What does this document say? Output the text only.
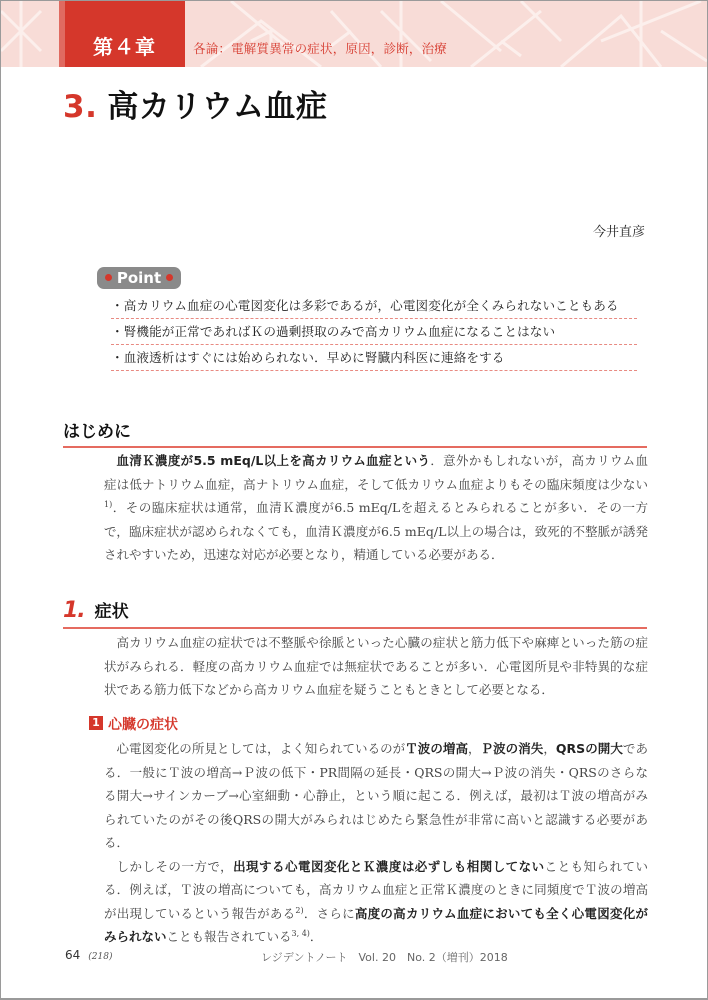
第４章	各論：電解質異常の症状，原因，診断，治療
3. 高カリウム血症
今井直彦
Point
・高カリウム血症の心電図変化は多彩であるが，心電図変化が全くみられないこともある
・腎機能が正常であればＫの過剰摂取のみで高カリウム血症になることはない
・血液透析はすぐには始められない．早めに腎臓内科医に連絡をする
はじめに

血清Ｋ濃度が5.5 mEq/L以上を高カリウム血症という．意外かもしれないが，高カリウム血症は低ナトリウム血症，高ナトリウム血症，そして低カリウム血症よりもその臨床頻度は少ない$^{1)}$．その臨床症状は通常，血清Ｋ濃度が6.5 mEq/Lを超えるとみられることが多い．その一方で，臨床症状が認められなくても，血清Ｋ濃度が6.5 mEq/L以上の場合は，致死的不整脈が誘発されやすいため，迅速な対応が必要となり，精通している必要がある．

1. 症状

高カリウム血症の症状では不整脈や徐脈といった心臓の症状と筋力低下や麻痺といった筋の症状がみられる．軽度の高カリウム血症では無症状であることが多い．心電図所見や非特異的な症状である筋力低下などから高カリウム血症を疑うこともときとして必要となる．

1 心臓の症状

心電図変化の所見としては，よく知られているのがＴ波の増高，Ｐ波の消失，QRSの開大である．一般にＴ波の増高→Ｐ波の低下・PR間隔の延長・QRSの開大→Ｐ波の消失・QRSのさらなる開大→サインカーブ→心室細動・心静止，という順に起こる．例えば，最初はＴ波の増高がみられていたのがその後QRSの開大がみられはじめたら緊急性が非常に高いと認識する必要がある．

しかしその一方で，出現する心電図変化とＫ濃度は必ずしも相関してないことも知られている．例えば，Ｔ波の増高についても，高カリウム血症と正常Ｋ濃度のときに同頻度でＴ波の増高が出現しているという報告がある$^{2)}$．さらに高度の高カリウム血症においても全く心電図変化がみられないことも報告されている$^{3, 4)}$．

64 (218)	レジデントノート　Vol. 20　No. 2（増刊）2018
